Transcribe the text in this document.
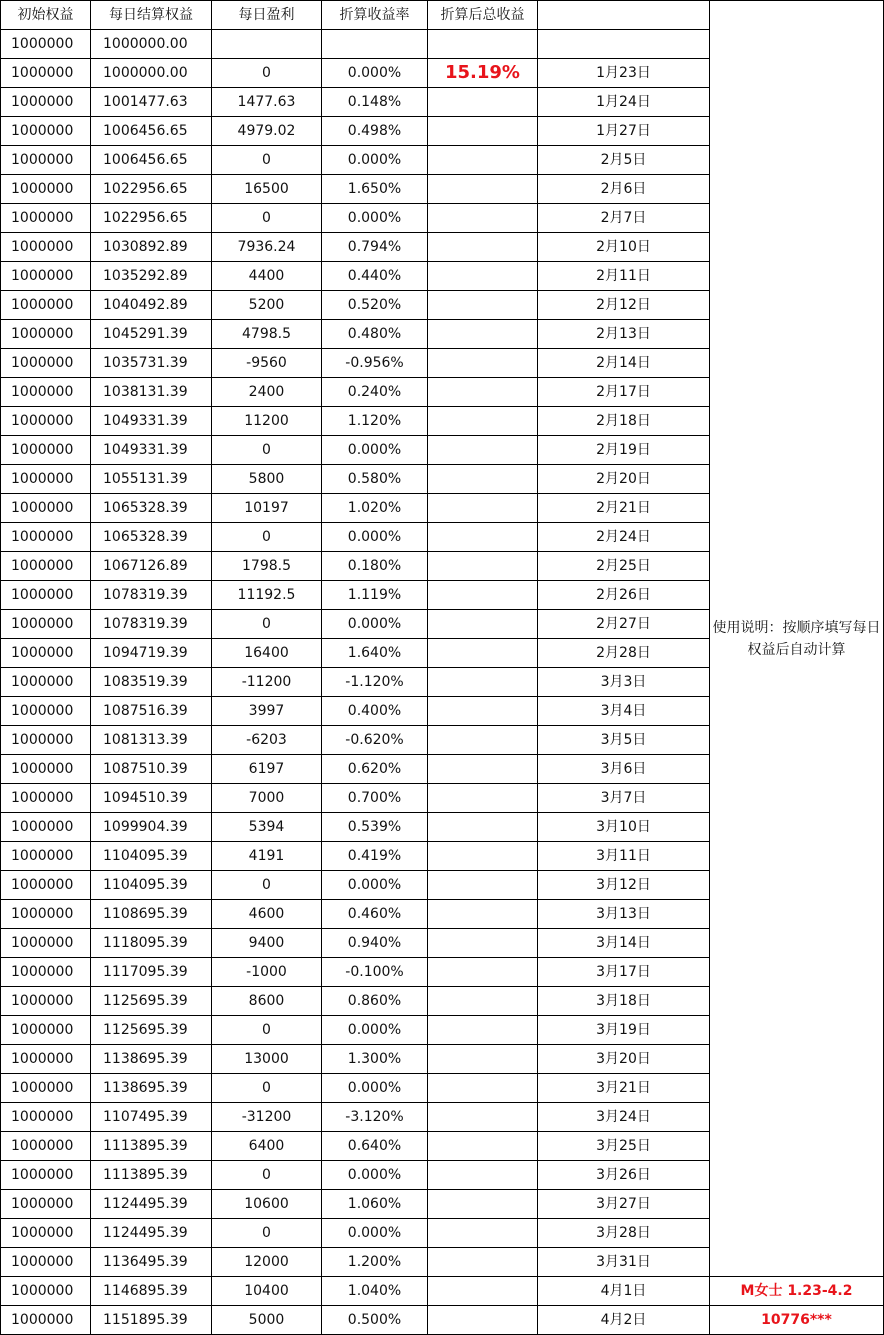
初始权益	每日结算权益	每日盈利	折算收益率	折算后总收益		使用说明：按顺序填写每日权益后自动计算
1000000	1000000.00					
1000000	1000000.00	0	0.000%	15.19%	1月23日	
1000000	1001477.63	1477.63	0.148%		1月24日	
1000000	1006456.65	4979.02	0.498%		1月27日	
1000000	1006456.65	0	0.000%		2月5日	
1000000	1022956.65	16500	1.650%		2月6日	
1000000	1022956.65	0	0.000%		2月7日	
1000000	1030892.89	7936.24	0.794%		2月10日	
1000000	1035292.89	4400	0.440%		2月11日	
1000000	1040492.89	5200	0.520%		2月12日	
1000000	1045291.39	4798.5	0.480%		2月13日	
1000000	1035731.39	-9560	-0.956%		2月14日	
1000000	1038131.39	2400	0.240%		2月17日	
1000000	1049331.39	11200	1.120%		2月18日	
1000000	1049331.39	0	0.000%		2月19日	
1000000	1055131.39	5800	0.580%		2月20日	
1000000	1065328.39	10197	1.020%		2月21日	
1000000	1065328.39	0	0.000%		2月24日	
1000000	1067126.89	1798.5	0.180%		2月25日	
1000000	1078319.39	11192.5	1.119%		2月26日	
1000000	1078319.39	0	0.000%		2月27日	
1000000	1094719.39	16400	1.640%		2月28日	
1000000	1083519.39	-11200	-1.120%		3月3日	
1000000	1087516.39	3997	0.400%		3月4日	
1000000	1081313.39	-6203	-0.620%		3月5日	
1000000	1087510.39	6197	0.620%		3月6日	
1000000	1094510.39	7000	0.700%		3月7日	
1000000	1099904.39	5394	0.539%		3月10日	
1000000	1104095.39	4191	0.419%		3月11日	
1000000	1104095.39	0	0.000%		3月12日	
1000000	1108695.39	4600	0.460%		3月13日	
1000000	1118095.39	9400	0.940%		3月14日	
1000000	1117095.39	-1000	-0.100%		3月17日	
1000000	1125695.39	8600	0.860%		3月18日	
1000000	1125695.39	0	0.000%		3月19日	
1000000	1138695.39	13000	1.300%		3月20日	
1000000	1138695.39	0	0.000%		3月21日	
1000000	1107495.39	-31200	-3.120%		3月24日	
1000000	1113895.39	6400	0.640%		3月25日	
1000000	1113895.39	0	0.000%		3月26日	
1000000	1124495.39	10600	1.060%		3月27日	
1000000	1124495.39	0	0.000%		3月28日	
1000000	1136495.39	12000	1.200%		3月31日	
1000000	1146895.39	10400	1.040%		4月1日	M女士 1.23-4.2
1000000	1151895.39	5000	0.500%		4月2日	10776***
